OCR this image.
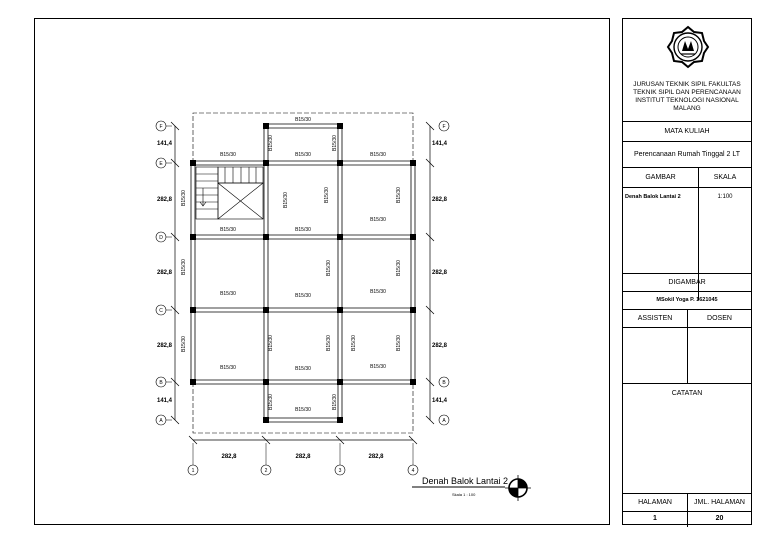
B15/30
B15/30	B15/30	B15/30
B15/30	B15/30
B15/30
B15/30	B15/30
B15/30
B15/30	B15/30	B15/30
B15/30
B15/30	B15/30
B15/30	B15/30	B15/30
B15/30
B15/30
B15/30
B15/30	B15/30
B15/30	B15/30	B15/30	B15/30
B15/30	B15/30
141,4	141,4
282,8	282,8
282,8	282,8
282,8	282,8
141,4	141,4
282,8	282,8	282,8
F
E
D
C
B
A
F
B
A
1	2	3	4
Denah Balok Lantai 2
Skala 1 : 100
JURUSAN TEKNIK SIPIL FAKULTAS
TEKNIK SIPIL DAN PERENCANAAN
INSTITUT TEKNOLOGI NASIONAL
MALANG
MATA KULIAH
Perencanaan Rumah Tinggal 2 LT
GAMBAR	SKALA
Denah Balok Lantai 2	1:100
DIGAMBAR
MSokil Yoga P. 1621045
ASSISTEN	DOSEN
CATATAN
HALAMAN	JML. HALAMAN
1	20
